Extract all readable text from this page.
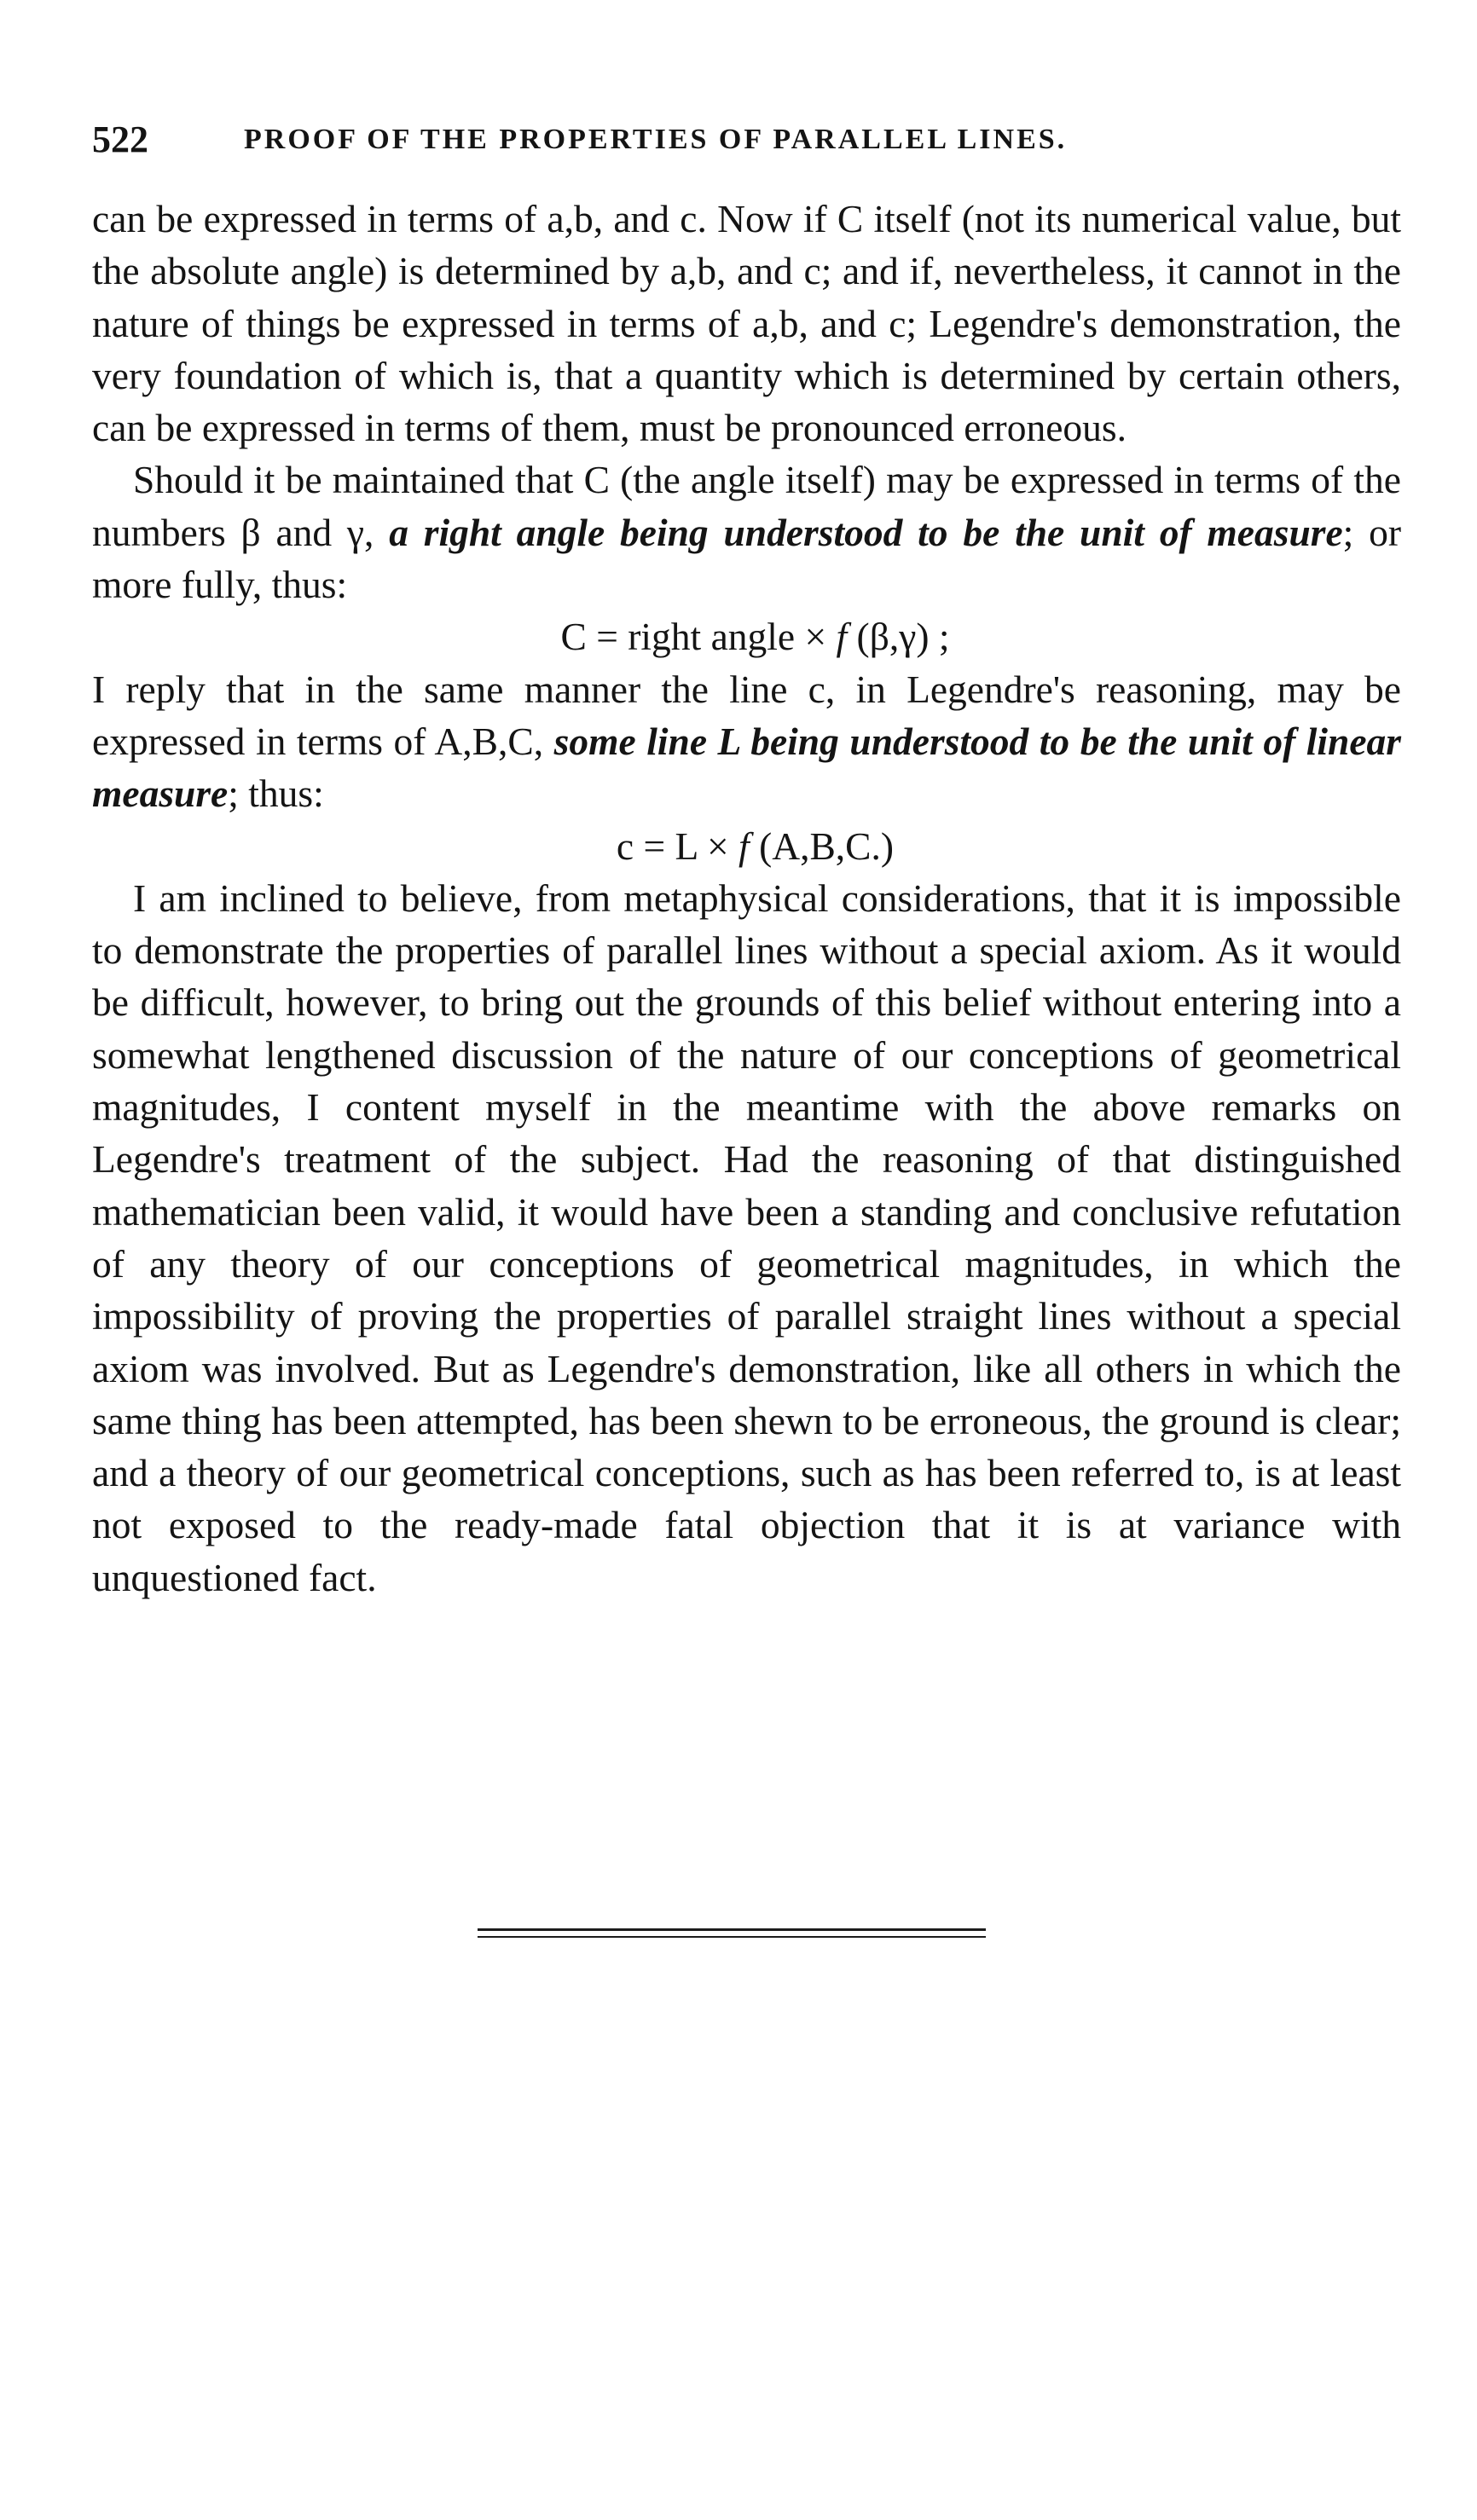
522	PROOF OF THE PROPERTIES OF PARALLEL LINES.

can be expressed in terms of a,b, and c. Now if C itself (not its numerical value, but the absolute angle) is determined by a,b, and c; and if, nevertheless, it cannot in the nature of things be expressed in terms of a,b, and c; Legendre's demonstration, the very foundation of which is, that a quantity which is determined by certain others, can be expressed in terms of them, must be pronounced erroneous.

Should it be maintained that C (the angle itself) may be expressed in terms of the numbers β and γ, a right angle being understood to be the unit of measure; or more fully, thus:

C = right angle × f (β,γ) ;

I reply that in the same manner the line c, in Legendre's reasoning, may be expressed in terms of A,B,C, some line L being understood to be the unit of linear measure; thus:

c = L × f (A,B,C.)

I am inclined to believe, from metaphysical considerations, that it is impossible to demonstrate the properties of parallel lines without a special axiom. As it would be difficult, however, to bring out the grounds of this belief without entering into a somewhat lengthened discussion of the nature of our conceptions of geometrical magnitudes, I content myself in the meantime with the above remarks on Legendre's treatment of the subject. Had the reasoning of that distinguished mathematician been valid, it would have been a standing and conclusive refutation of any theory of our conceptions of geometrical magnitudes, in which the impossibility of proving the properties of parallel straight lines without a special axiom was involved. But as Legendre's demonstration, like all others in which the same thing has been attempted, has been shewn to be erroneous, the ground is clear; and a theory of our geometrical conceptions, such as has been referred to, is at least not exposed to the ready-made fatal objection that it is at variance with unquestioned fact.
